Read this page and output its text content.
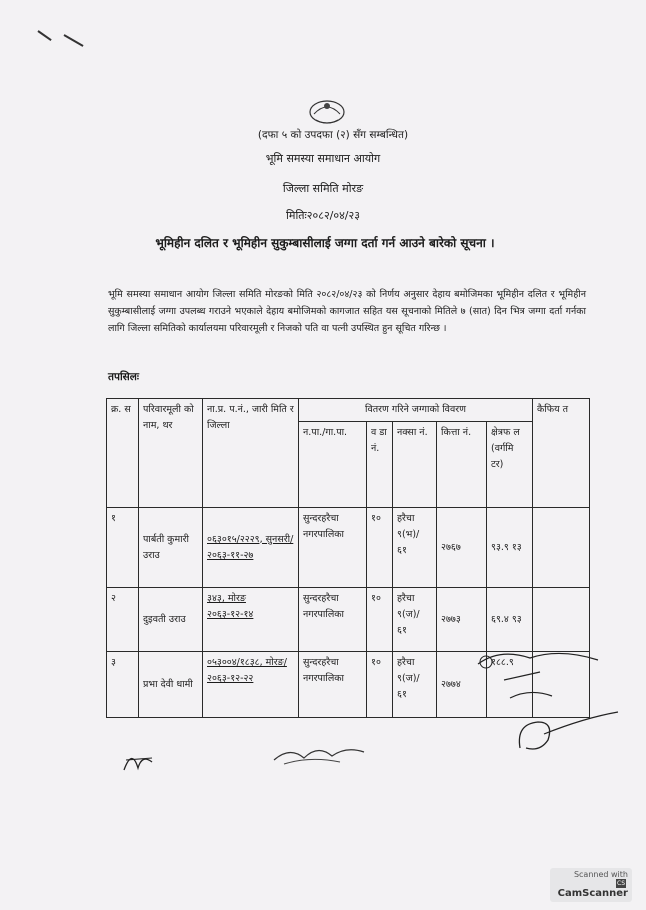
(दफा ५ को उपदफा (२) सँग सम्बन्धित)
भूमि समस्या समाधान आयोग
जिल्ला समिति मोरङ
मितिः२०८२/०४/२३
भूमिहीन दलित र भूमिहीन सुकुम्बासीलाई जग्गा दर्ता गर्न आउने बारेको सूचना ।
भूमि समस्या समाधान आयोग जिल्ला समिति मोरङको मिति २०८२/०४/२३ को निर्णय अनुसार देहाय बमोजिमका भूमिहीन दलित र भूमिहीन सुकुम्बासीलाई जग्गा उपलब्ध गराउने भएकाले देहाय बमोजिमको कागजात सहित यस सूचनाको मितिले ७ (सात) दिन भित्र जग्गा दर्ता गर्नका लागि जिल्ला समितिको कार्यालयमा परिवारमूली र निजको पति वा पत्नी उपस्थित हुन सूचित गरिन्छ ।
तपसिलः
क्र. स	परिवारमूली को नाम, थर	ना.प्र. प.नं., जारी मिति र जिल्ला	वितरण गरिने जग्गाको विवरण					कैफिय त
			न.पा./गा.पा.	व डा नं.	नक्सा नं.	कित्ता नं.	क्षेत्रफ ल (वर्गमि टर)	
१	पार्बती कुमारी उराउ	०६३०१५/२२२९, सुनसरी/२०६३-११-२७	सुन्दरहरैचा नगरपालिका	१०	हरैचा ९(भ)/ ६१	२७६७	९३.९ १३	
२	दुइवती उराउ	३४३, मोरङ २०६३-१२-१४	सुन्दरहरैचा नगरपालिका	१०	हरैचा ९(ज)/ ६१	२७७३	६९.४ ९३	
३	प्रभा देवी धामी	०५३००४/१८३८, मोरङ/२०६३-१२-२२	सुन्दरहरैचा नगरपालिका	१०	हरैचा ९(ज)/ ६१	२७७४	१८८.९	
Scanned with
CSCamScanner
